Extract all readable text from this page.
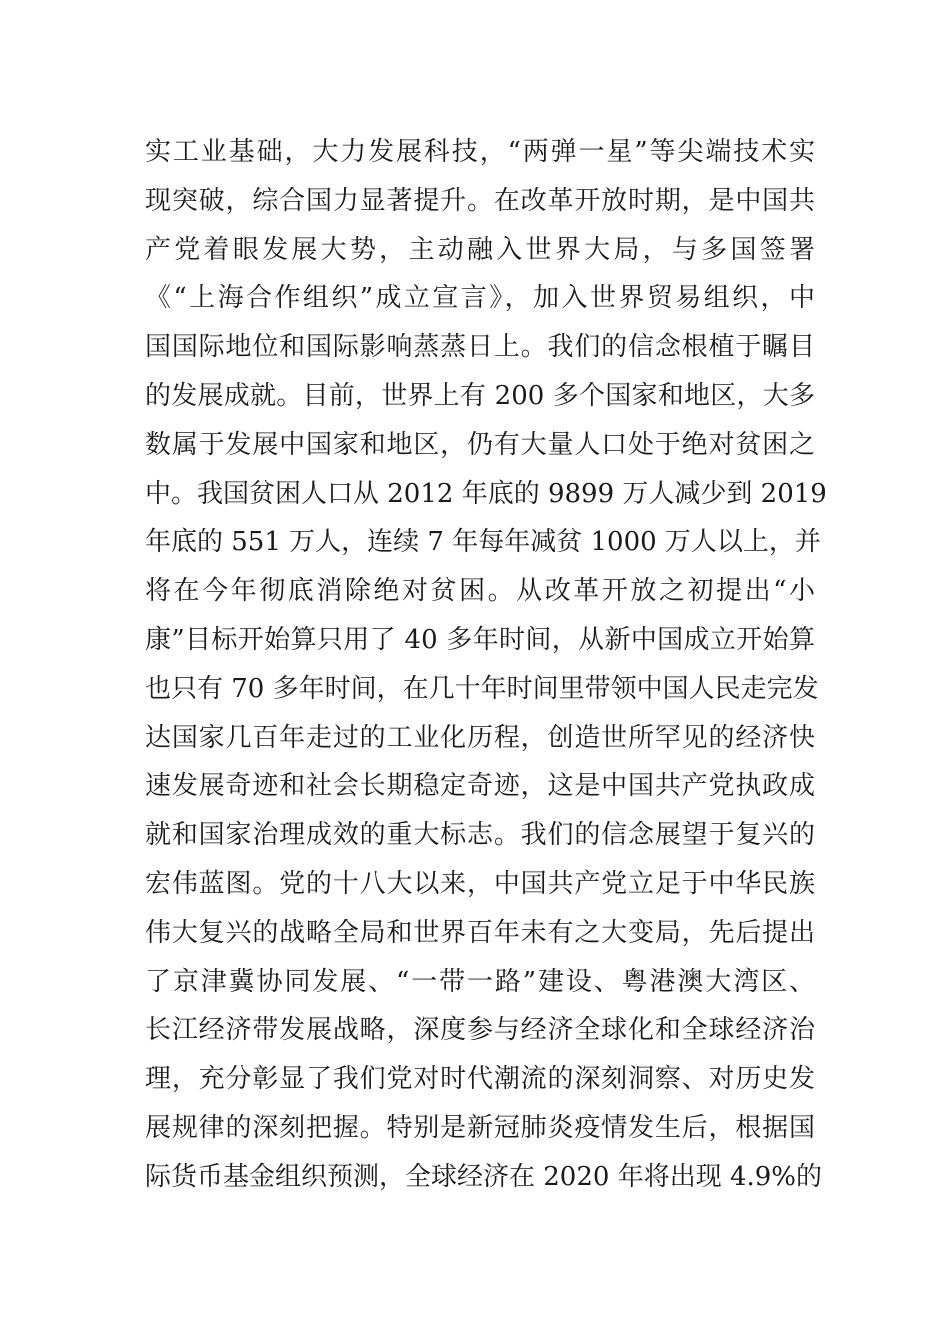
实工业基础，大力发展科技，“两弹一星”等尖端技术实
现突破，综合国力显著提升。在改革开放时期，是中国共
产党着眼发展大势，主动融入世界大局，与多国签署
《“上海合作组织”成立宣言》，加入世界贸易组织，中
国国际地位和国际影响蒸蒸日上。我们的信念根植于瞩目
的发展成就。目前，世界上有 200 多个国家和地区，大多
数属于发展中国家和地区，仍有大量人口处于绝对贫困之
中。我国贫困人口从 2012 年底的 9899 万人减少到 2019
年底的 551 万人，连续 7 年每年减贫 1000 万人以上，并
将在今年彻底消除绝对贫困。从改革开放之初提出“小
康”目标开始算只用了 40 多年时间，从新中国成立开始算
也只有 70 多年时间，在几十年时间里带领中国人民走完发
达国家几百年走过的工业化历程，创造世所罕见的经济快
速发展奇迹和社会长期稳定奇迹，这是中国共产党执政成
就和国家治理成效的重大标志。我们的信念展望于复兴的
宏伟蓝图。党的十八大以来，中国共产党立足于中华民族
伟大复兴的战略全局和世界百年未有之大变局，先后提出
了京津冀协同发展、“一带一路”建设、粤港澳大湾区、
长江经济带发展战略，深度参与经济全球化和全球经济治
理，充分彰显了我们党对时代潮流的深刻洞察、对历史发
展规律的深刻把握。特别是新冠肺炎疫情发生后，根据国
际货币基金组织预测，全球经济在 2020 年将出现 4.9%的
